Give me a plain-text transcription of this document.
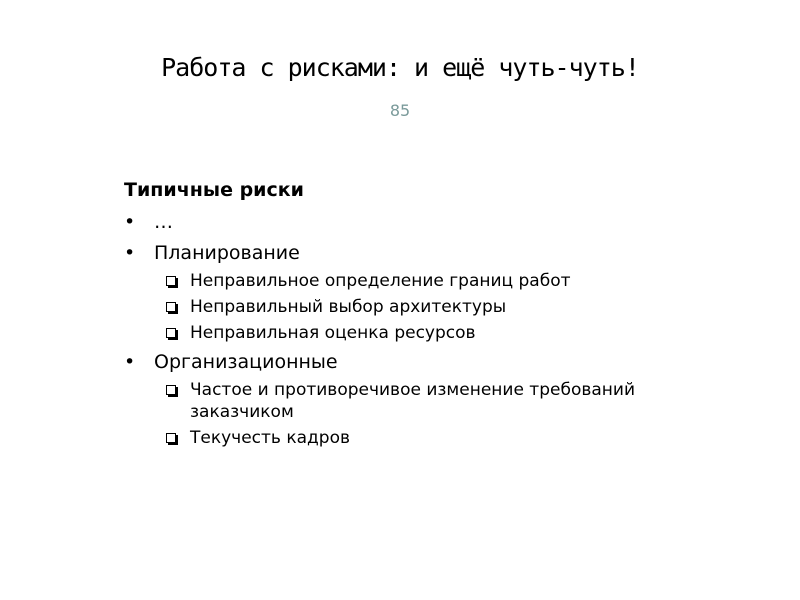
Работа с рисками: и ещё чуть-чуть!
85
Типичные риски
• …
• Планирование
Неправильное определение границ работ
Неправильный выбор архитектуры
Неправильная оценка ресурсов
• Организационные
Частое и противоречивое изменение требований заказчиком
Текучесть кадров
